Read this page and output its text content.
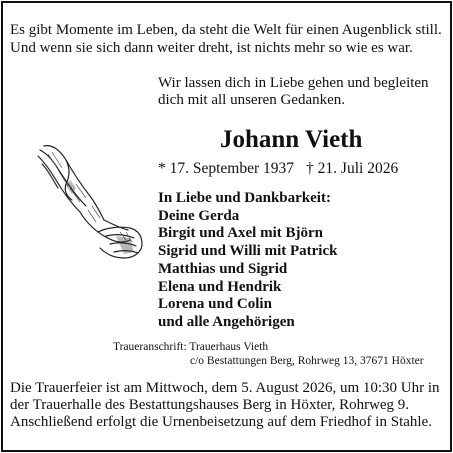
Es gibt Momente im Leben, da steht die Welt für einen Augenblick still.
Und wenn sie sich dann weiter dreht, ist nichts mehr so wie es war.
Wir lassen dich in Liebe gehen und begleiten
dich mit all unseren Gedanken.
Johann Vieth
* 17. September 1937 † 21. Juli 2026
In Liebe und Dankbarkeit:
Deine Gerda
Birgit und Axel mit Björn
Sigrid und Willi mit Patrick
Matthias und Sigrid
Elena und Hendrik
Lorena und Colin
und alle Angehörigen
Traueranschrift: Trauerhaus Vieth
c/o Bestattungen Berg, Rohrweg 13, 37671 Höxter
Die Trauerfeier ist am Mittwoch, dem 5. August 2026, um 10:30 Uhr in
der Trauerhalle des Bestattungshauses Berg in Höxter, Rohrweg 9.
Anschließend erfolgt die Urnenbeisetzung auf dem Friedhof in Stahle.
